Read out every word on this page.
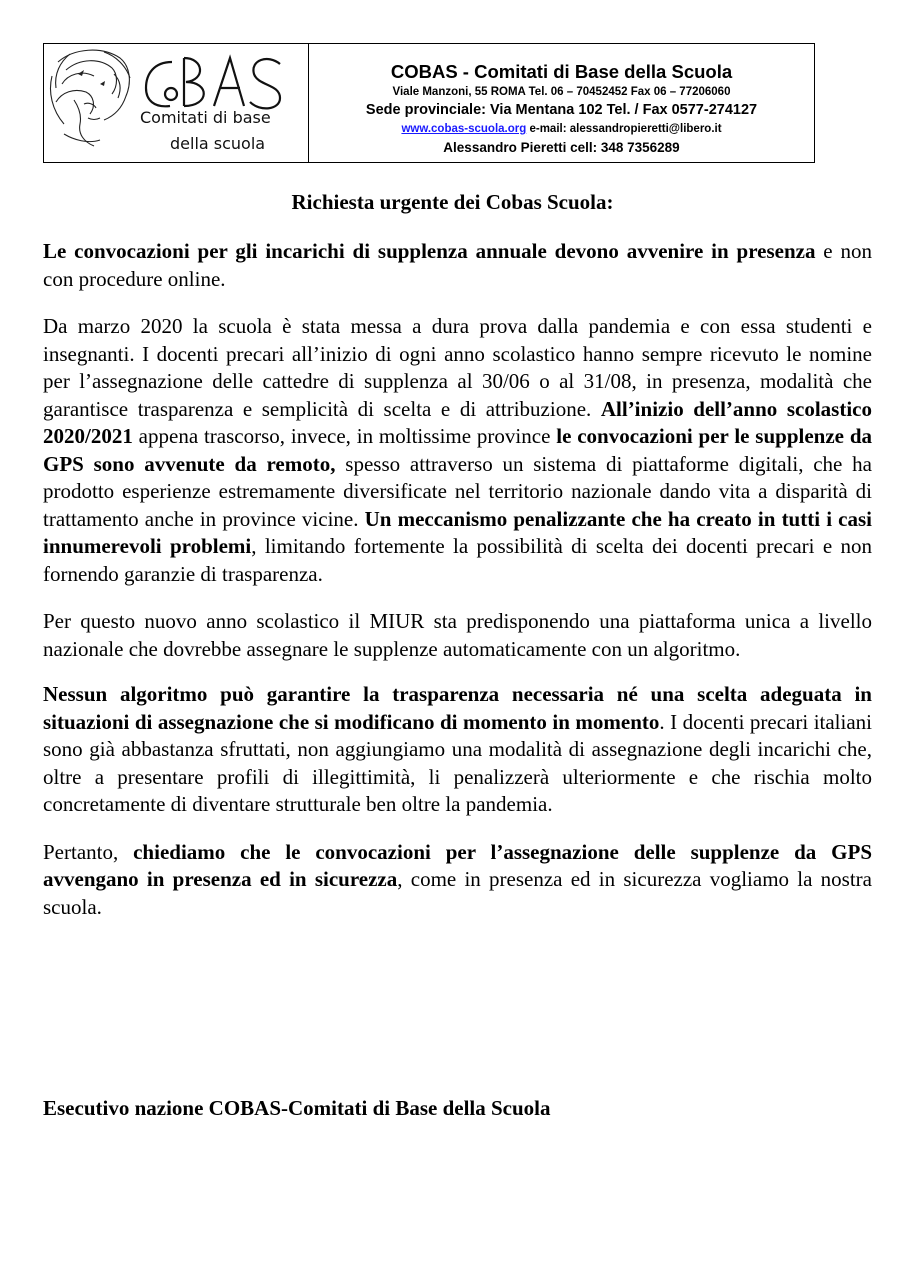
Comitati di base
della scuola
COBAS - Comitati di Base della Scuola
Viale Manzoni, 55 ROMA Tel. 06 – 70452452 Fax 06 – 77206060
Sede provinciale: Via Mentana 102 Tel. / Fax 0577-274127
www.cobas-scuola.org e-mail: alessandropieretti@libero.it
Alessandro Pieretti cell: 348 7356289
Richiesta urgente dei Cobas Scuola:

Le convocazioni per gli incarichi di supplenza annuale devono avvenire in presenza e non con procedure online.

Da marzo 2020 la scuola è stata messa a dura prova dalla pandemia e con essa studenti e insegnanti. I docenti precari all’inizio di ogni anno scolastico hanno sempre ricevuto le nomine per l’assegnazione delle cattedre di supplenza al 30/06 o al 31/08, in presenza, modalità che garantisce trasparenza e semplicità di scelta e di attribuzione. All’inizio dell’anno scolastico 2020/2021 appena trascorso, invece, in moltissime province le convocazioni per le supplenze da GPS sono avvenute da remoto, spesso attraverso un sistema di piattaforme digitali, che ha prodotto esperienze estremamente diversificate nel territorio nazionale dando vita a disparità di trattamento anche in province vicine. Un meccanismo penalizzante che ha creato in tutti i casi innumerevoli problemi, limitando fortemente la possibilità di scelta dei docenti precari e non fornendo garanzie di trasparenza.

Per questo nuovo anno scolastico il MIUR sta predisponendo una piattaforma unica a livello nazionale che dovrebbe assegnare le supplenze automaticamente con un algoritmo.

Nessun algoritmo può garantire la trasparenza necessaria né una scelta adeguata in situazioni di assegnazione che si modificano di momento in momento. I docenti precari italiani sono già abbastanza sfruttati, non aggiungiamo una modalità di assegnazione degli incarichi che, oltre a presentare profili di illegittimità, li penalizzerà ulteriormente e che rischia molto concretamente di diventare strutturale ben oltre la pandemia.

Pertanto, chiediamo che le convocazioni per l’assegnazione delle supplenze da GPS avvengano in presenza ed in sicurezza, come in presenza ed in sicurezza vogliamo la nostra scuola.

Esecutivo nazione COBAS-Comitati di Base della Scuola
